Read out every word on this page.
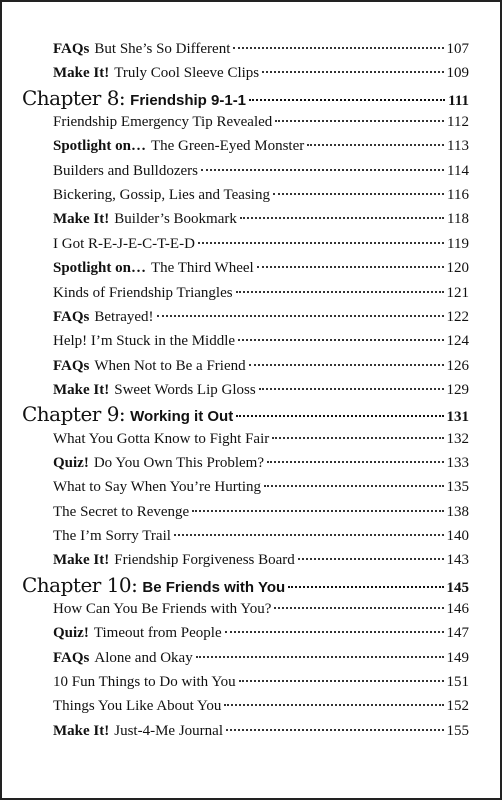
FAQs But She’s So Different	107
Make It! Truly Cool Sleeve Clips	109
Chapter 8: Friendship 9-1-1	111
Friendship Emergency Tip Revealed	112
Spotlight on… The Green-Eyed Monster	113
Builders and Bulldozers	114
Bickering, Gossip, Lies and Teasing	116
Make It! Builder’s Bookmark	118
I Got R-E-J-E-C-T-E-D	119
Spotlight on… The Third Wheel	120
Kinds of Friendship Triangles	121
FAQs Betrayed!	122
Help! I’m Stuck in the Middle	124
FAQs When Not to Be a Friend	126
Make It! Sweet Words Lip Gloss	129
Chapter 9: Working it Out	131
What You Gotta Know to Fight Fair	132
Quiz! Do You Own This Problem?	133
What to Say When You’re Hurting	135
The Secret to Revenge	138
The I’m Sorry Trail	140
Make It! Friendship Forgiveness Board	143
Chapter 10: Be Friends with You	145
How Can You Be Friends with You?	146
Quiz! Timeout from People	147
FAQs Alone and Okay	149
10 Fun Things to Do with You	151
Things You Like About You	152
Make It! Just-4-Me Journal	155
